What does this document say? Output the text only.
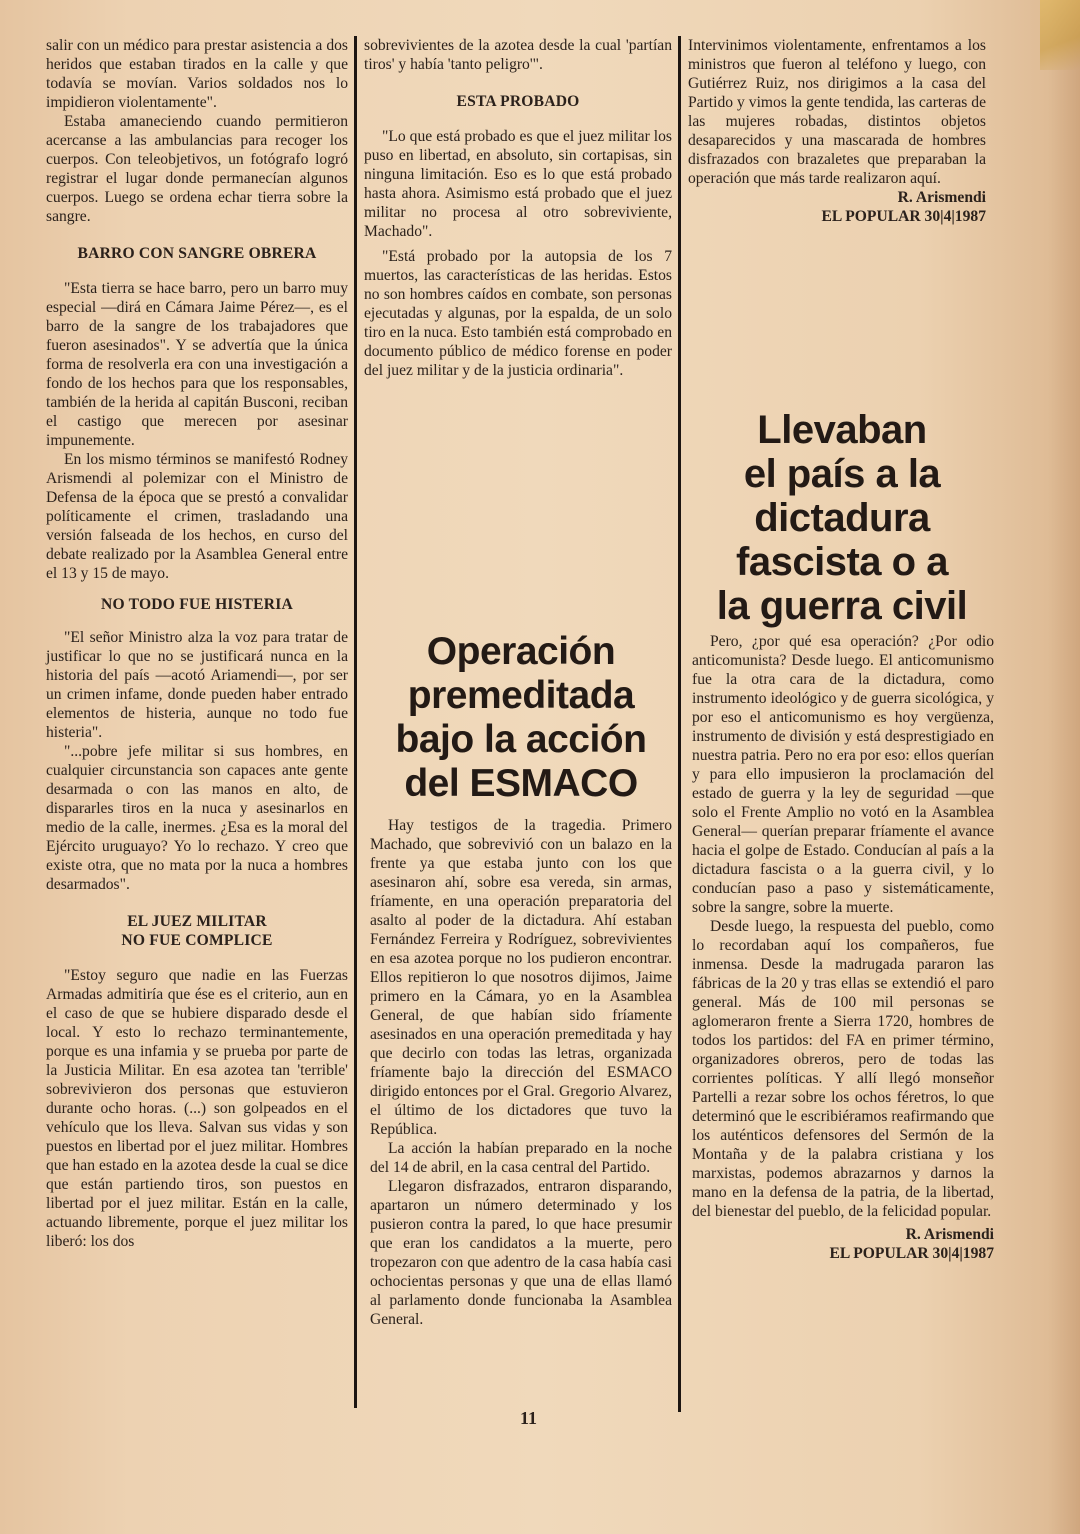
salir con un médico para prestar asistencia a dos heridos que estaban tirados en la calle y que todavía se movían. Varios soldados nos lo impidieron violentamente".

Estaba amaneciendo cuando permitieron acercanse a las ambulancias para recoger los cuerpos. Con teleobjetivos, un fotógrafo logró registrar el lugar donde permanecían algunos cuerpos. Luego se ordena echar tierra sobre la sangre.

BARRO CON SANGRE OBRERA

"Esta tierra se hace barro, pero un barro muy especial —dirá en Cámara Jaime Pérez—, es el barro de la sangre de los trabajadores que fueron asesinados". Y se advertía que la única forma de resolverla era con una investigación a fondo de los hechos para que los responsables, también de la herida al capitán Busconi, reciban el castigo que merecen por asesinar impunemente.

En los mismo términos se manifestó Rodney Arismendi al polemizar con el Ministro de Defensa de la época que se prestó a convalidar políticamente el crimen, trasladando una versión falseada de los hechos, en curso del debate realizado por la Asamblea General entre el 13 y 15 de mayo.

NO TODO FUE HISTERIA

"El señor Ministro alza la voz para tratar de justificar lo que no se justificará nunca en la historia del país —acotó Ariamendi—, por ser un crimen infame, donde pueden haber entrado elementos de histeria, aunque no todo fue histeria".

"...pobre jefe militar si sus hombres, en cualquier circunstancia son capaces ante gente desarmada o con las manos en alto, de dispararles tiros en la nuca y asesinarlos en medio de la calle, inermes. ¿Esa es la moral del Ejército uruguayo? Yo lo rechazo. Y creo que existe otra, que no mata por la nuca a hombres desarmados".

EL JUEZ MILITAR
NO FUE COMPLICE

"Estoy seguro que nadie en las Fuerzas Armadas admitiría que ése es el criterio, aun en el caso de que se hubiere disparado desde el local. Y esto lo rechazo terminantemente, porque es una infamia y se prueba por parte de la Justicia Militar. En esa azotea tan 'terrible' sobrevivieron dos personas que estuvieron durante ocho horas. (...) son golpeados en el vehículo que los lleva. Salvan sus vidas y son puestos en libertad por el juez militar. Hombres que han estado en la azotea desde la cual se dice que están partiendo tiros, son puestos en libertad por el juez militar. Están en la calle, actuando libremente, porque el juez militar los liberó: los dos

sobrevivientes de la azotea desde la cual 'partían tiros' y había 'tanto peligro'".

ESTA PROBADO

"Lo que está probado es que el juez militar los puso en libertad, en absoluto, sin cortapisas, sin ninguna limitación. Eso es lo que está probado hasta ahora. Asimismo está probado que el juez militar no procesa al otro sobreviviente, Machado".

"Está probado por la autopsia de los 7 muertos, las características de las heridas. Estos no son hombres caídos en combate, son personas ejecutadas y algunas, por la espalda, de un solo tiro en la nuca. Esto también está comprobado en documento público de médico forense en poder del juez militar y de la justicia ordinaria".

Operación
premeditada
bajo la acción
del ESMACO

Hay testigos de la tragedia. Primero Machado, que sobrevivió con un balazo en la frente ya que estaba junto con los que asesinaron ahí, sobre esa vereda, sin armas, fríamente, en una operación preparatoria del asalto al poder de la dictadura. Ahí estaban Fernández Ferreira y Rodríguez, sobrevivientes en esa azotea porque no los pudieron encontrar. Ellos repitieron lo que nosotros dijimos, Jaime primero en la Cámara, yo en la Asamblea General, de que habían sido fríamente asesinados en una operación premeditada y hay que decirlo con todas las letras, organizada fríamente bajo la dirección del ESMACO dirigido entonces por el Gral. Gregorio Alvarez, el último de los dictadores que tuvo la República.

La acción la habían preparado en la noche del 14 de abril, en la casa central del Partido.

Llegaron disfrazados, entraron disparando, apartaron un número determinado y los pusieron contra la pared, lo que hace presumir que eran los candidatos a la muerte, pero tropezaron con que adentro de la casa había casi ochocientas personas y que una de ellas llamó al parlamento donde funcionaba la Asamblea General.

Intervinimos violentamente, enfrentamos a los ministros que fueron al teléfono y luego, con Gutiérrez Ruiz, nos dirigimos a la casa del Partido y vimos la gente tendida, las carteras de las mujeres robadas, distintos objetos desaparecidos y una mascarada de hombres disfrazados con brazaletes que preparaban la operación que más tarde realizaron aquí.

R. Arismendi
EL POPULAR 30|4|1987
Llevaban
el país a la
dictadura
fascista o a
la guerra civil

Pero, ¿por qué esa operación? ¿Por odio anticomunista? Desde luego. El anticomunismo fue la otra cara de la dictadura, como instrumento ideológico y de guerra sicológica, y por eso el anticomunismo es hoy vergüenza, instrumento de división y está desprestigiado en nuestra patria. Pero no era por eso: ellos querían y para ello impusieron la proclamación del estado de guerra y la ley de seguridad —que solo el Frente Amplio no votó en la Asamblea General— querían preparar fríamente el avance hacia el golpe de Estado. Conducían al país a la dictadura fascista o a la guerra civil, y lo conducían paso a paso y sistemáticamente, sobre la sangre, sobre la muerte.

Desde luego, la respuesta del pueblo, como lo recordaban aquí los compañeros, fue inmensa. Desde la madrugada pararon las fábricas de la 20 y tras ellas se extendió el paro general. Más de 100 mil personas se aglomeraron frente a Sierra 1720, hombres de todos los partidos: del FA en primer término, organizadores obreros, pero de todas las corrientes políticas. Y allí llegó monseñor Partelli a rezar sobre los ochos féretros, lo que determinó que le escribiéramos reafirmando que los auténticos defensores del Sermón de la Montaña y de la palabra cristiana y los marxistas, podemos abrazarnos y darnos la mano en la defensa de la patria, de la libertad, del bienestar del pueblo, de la felicidad popular.

R. Arismendi
EL POPULAR 30|4|1987
11
